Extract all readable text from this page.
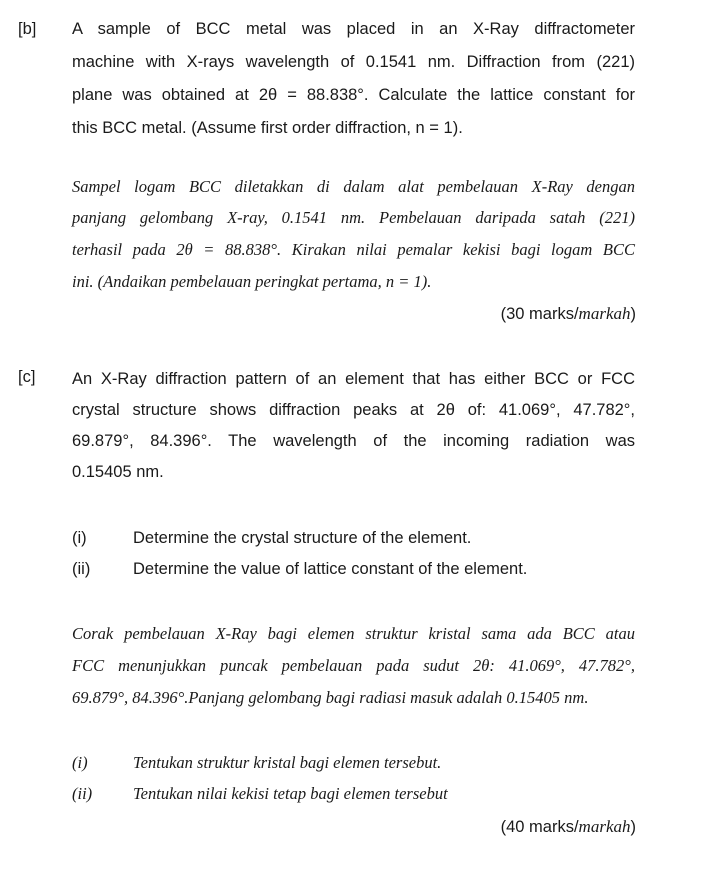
[b] A sample of BCC metal was placed in an X-Ray diffractometer
machine with X-rays wavelength of 0.1541 nm. Diffraction from (221)
plane was obtained at 2θ = 88.838°. Calculate the lattice constant for
this BCC metal. (Assume first order diffraction, n = 1).
Sampel logam BCC diletakkan di dalam alat pembelauan X-Ray dengan
panjang gelombang X-ray, 0.1541 nm. Pembelauan daripada satah (221)
terhasil pada 2θ = 88.838°. Kirakan nilai pemalar kekisi bagi logam BCC
ini. (Andaikan pembelauan peringkat pertama, n = 1).
(30 marks/markah)
[c] An X-Ray diffraction pattern of an element that has either BCC or FCC
crystal structure shows diffraction peaks at 2θ of: 41.069°, 47.782°,
69.879°, 84.396°. The wavelength of the incoming radiation was
0.15405 nm.
(i)	Determine the crystal structure of the element.
(ii)	Determine the value of lattice constant of the element.
Corak pembelauan X-Ray bagi elemen struktur kristal sama ada BCC atau
FCC menunjukkan puncak pembelauan pada sudut 2θ: 41.069°, 47.782°,
69.879°, 84.396°.Panjang gelombang bagi radiasi masuk adalah 0.15405 nm.
(i)	Tentukan struktur kristal bagi elemen tersebut.
(ii) Tentukan nilai kekisi tetap bagi elemen tersebut
(40 marks/markah)
